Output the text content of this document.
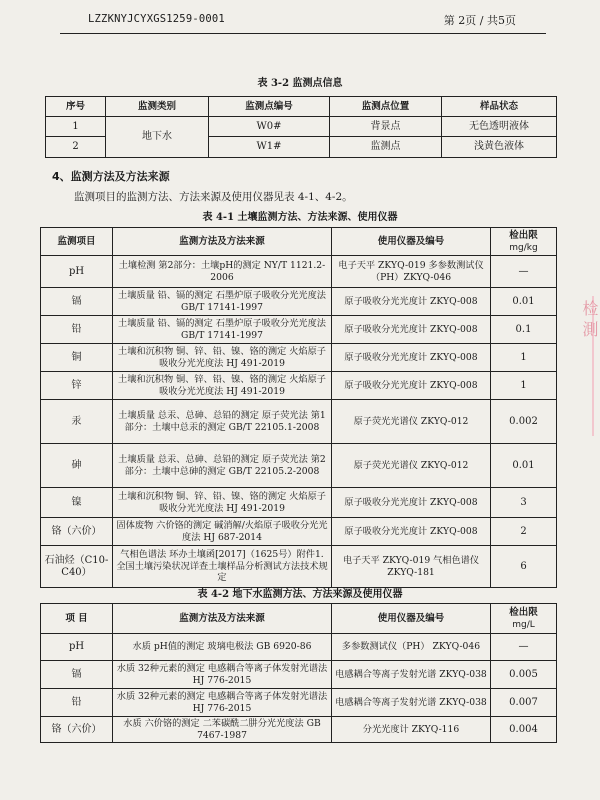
LZZKNYJCYXGS1259-0001	第 2页 / 共5页
表 3-2 监测点信息
序号	监测类别	监测点编号	监测点位置	样品状态
1	地下水	W0#	背景点	无色透明液体
2		W1#	监测点	浅黄色液体
4、监测方法及方法来源
监测项目的监测方法、方法来源及使用仪器见表 4-1、4-2。
表 4-1 土壤监测方法、方法来源、使用仪器
监测项目	监测方法及方法来源	使用仪器及编号	检出限
mg/kg
pH	土壤检测 第2部分：土壤pH的测定 NY/T 1121.2-2006	电子天平 ZKYQ-019 多参数测试仪（PH）ZKYQ-046	—
镉	土壤质量 铅、镉的测定 石墨炉原子吸收分光光度法 GB/T 17141-1997	原子吸收分光光度计 ZKYQ-008	0.01
铅	土壤质量 铅、镉的测定 石墨炉原子吸收分光光度法 GB/T 17141-1997	原子吸收分光光度计 ZKYQ-008	0.1
铜	土壤和沉积物 铜、锌、铅、镍、铬的测定 火焰原子吸收分光光度法 HJ 491-2019	原子吸收分光光度计 ZKYQ-008	1
锌	土壤和沉积物 铜、锌、铅、镍、铬的测定 火焰原子吸收分光光度法 HJ 491-2019	原子吸收分光光度计 ZKYQ-008	1
汞	土壤质量 总汞、总砷、总铅的测定 原子荧光法 第1部分：土壤中总汞的测定 GB/T 22105.1-2008	原子荧光光谱仪 ZKYQ-012	0.002
砷	土壤质量 总汞、总砷、总铅的测定 原子荧光法 第2部分：土壤中总砷的测定 GB/T 22105.2-2008	原子荧光光谱仪 ZKYQ-012	0.01
镍	土壤和沉积物 铜、锌、铅、镍、铬的测定 火焰原子吸收分光光度法 HJ 491-2019	原子吸收分光光度计 ZKYQ-008	3
铬（六价）	固体废物 六价铬的测定 碱消解/火焰原子吸收分光光度法 HJ 687-2014	原子吸收分光光度计 ZKYQ-008	2
石油烃（C10-C40）	气相色谱法 环办土壤函[2017]（1625号）附件1.全国土壤污染状况详查土壤样品分析测试方法技术规定	电子天平 ZKYQ-019 气相色谱仪 ZKYQ-181	6
表 4-2 地下水监测方法、方法来源及使用仪器
项 目	监测方法及方法来源	使用仪器及编号	检出限
mg/L
pH	水质 pH值的测定 玻璃电极法 GB 6920-86	多参数测试仪（PH） ZKYQ-046	—
镉	水质 32种元素的测定 电感耦合等离子体发射光谱法 HJ 776-2015	电感耦合等离子发射光谱 ZKYQ-038	0.005
铅	水质 32种元素的测定 电感耦合等离子体发射光谱法 HJ 776-2015	电感耦合等离子发射光谱 ZKYQ-038	0.007
铬（六价）	水质 六价铬的测定 二苯碳酰二肼分光光度法 GB 7467-1987	分光光度计 ZKYQ-116	0.004
检 測
